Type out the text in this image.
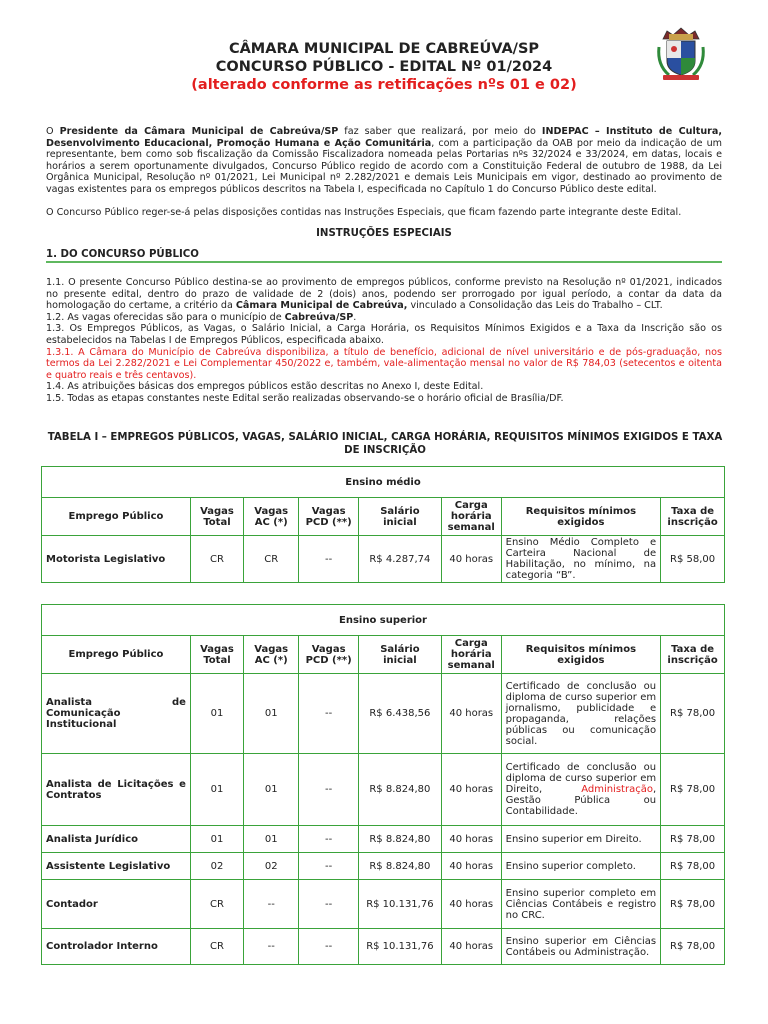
CÂMARA MUNICIPAL DE CABREÚVA/SP
CONCURSO PÚBLICO - EDITAL Nº 01/2024
(alterado conforme as retificações nºs 01 e 02)
O Presidente da Câmara Municipal de Cabreúva/SP faz saber que realizará, por meio do INDEPAC – Instituto de Cultura, Desenvolvimento Educacional, Promoção Humana e Ação Comunitária, com a participação da OAB por meio da indicação de um representante, bem como sob fiscalização da Comissão Fiscalizadora nomeada pelas Portarias nºs 32/2024 e 33/2024, em datas, locais e horários a serem oportunamente divulgados, Concurso Público regido de acordo com a Constituição Federal de outubro de 1988, da Lei Orgânica Municipal, Resolução nº 01/2021, Lei Municipal nº 2.282/2021 e demais Leis Municipais em vigor, destinado ao provimento de vagas existentes para os empregos públicos descritos na Tabela I, especificada no Capítulo 1 do Concurso Público deste edital.
O Concurso Público reger-se-á pelas disposições contidas nas Instruções Especiais, que ficam fazendo parte integrante deste Edital.
INSTRUÇÕES ESPECIAIS
1. DO CONCURSO PÚBLICO
1.1. O presente Concurso Público destina-se ao provimento de empregos públicos, conforme previsto na Resolução nº 01/2021, indicados no presente edital, dentro do prazo de validade de 2 (dois) anos, podendo ser prorrogado por igual período, a contar da data da homologação do certame, a critério da Câmara Municipal de Cabreúva, vinculado a Consolidação das Leis do Trabalho – CLT.
1.2. As vagas oferecidas são para o município de Cabreúva/SP.
1.3. Os Empregos Públicos, as Vagas, o Salário Inicial, a Carga Horária, os Requisitos Mínimos Exigidos e a Taxa da Inscrição são os estabelecidos na Tabelas I de Empregos Públicos, especificada abaixo.
1.3.1. A Câmara do Município de Cabreúva disponibiliza, a título de benefício, adicional de nível universitário e de pós-graduação, nos termos da Lei 2.282/2021 e Lei Complementar 450/2022 e, também, vale-alimentação mensal no valor de R$ 784,03 (setecentos e oitenta e quatro reais e três centavos).
1.4. As atribuições básicas dos empregos públicos estão descritas no Anexo I, deste Edital.
1.5. Todas as etapas constantes neste Edital serão realizadas observando-se o horário oficial de Brasília/DF.
TABELA I – EMPREGOS PÚBLICOS, VAGAS, SALÁRIO INICIAL, CARGA HORÁRIA, REQUISITOS MÍNIMOS EXIGIDOS E TAXA DE INSCRIÇÃO
Ensino médio							
Emprego Público	Vagas Total	Vagas AC (*)	Vagas PCD (**)	Salário inicial	Carga horária semanal	Requisitos mínimos exigidos	Taxa de inscrição
Motorista Legislativo	CR	CR	--	R$ 4.287,74	40 horas	Ensino Médio Completo e Carteira Nacional de Habilitação, no mínimo, na categoria “B”.	R$ 58,00
Ensino superior							
Emprego Público	Vagas Total	Vagas AC (*)	Vagas PCD (**)	Salário inicial	Carga horária semanal	Requisitos mínimos exigidos	Taxa de inscrição
Analista de Comunicação Institucional	01	01	--	R$ 6.438,56	40 horas	Certificado de conclusão ou diploma de curso superior em jornalismo, publicidade e propaganda, relações públicas ou comunicação social.	R$ 78,00
Analista de Licitações e Contratos	01	01	--	R$ 8.824,80	40 horas	Certificado de conclusão ou diploma de curso superior em Direito, Administração, Gestão Pública ou Contabilidade.	R$ 78,00
Analista Jurídico	01	01	--	R$ 8.824,80	40 horas	Ensino superior em Direito.	R$ 78,00
Assistente Legislativo	02	02	--	R$ 8.824,80	40 horas	Ensino superior completo.	R$ 78,00
Contador	CR	--	--	R$ 10.131,76	40 horas	Ensino superior completo em Ciências Contábeis e registro no CRC.	R$ 78,00
Controlador Interno	CR	--	--	R$ 10.131,76	40 horas	Ensino superior em Ciências Contábeis ou Administração.	R$ 78,00
